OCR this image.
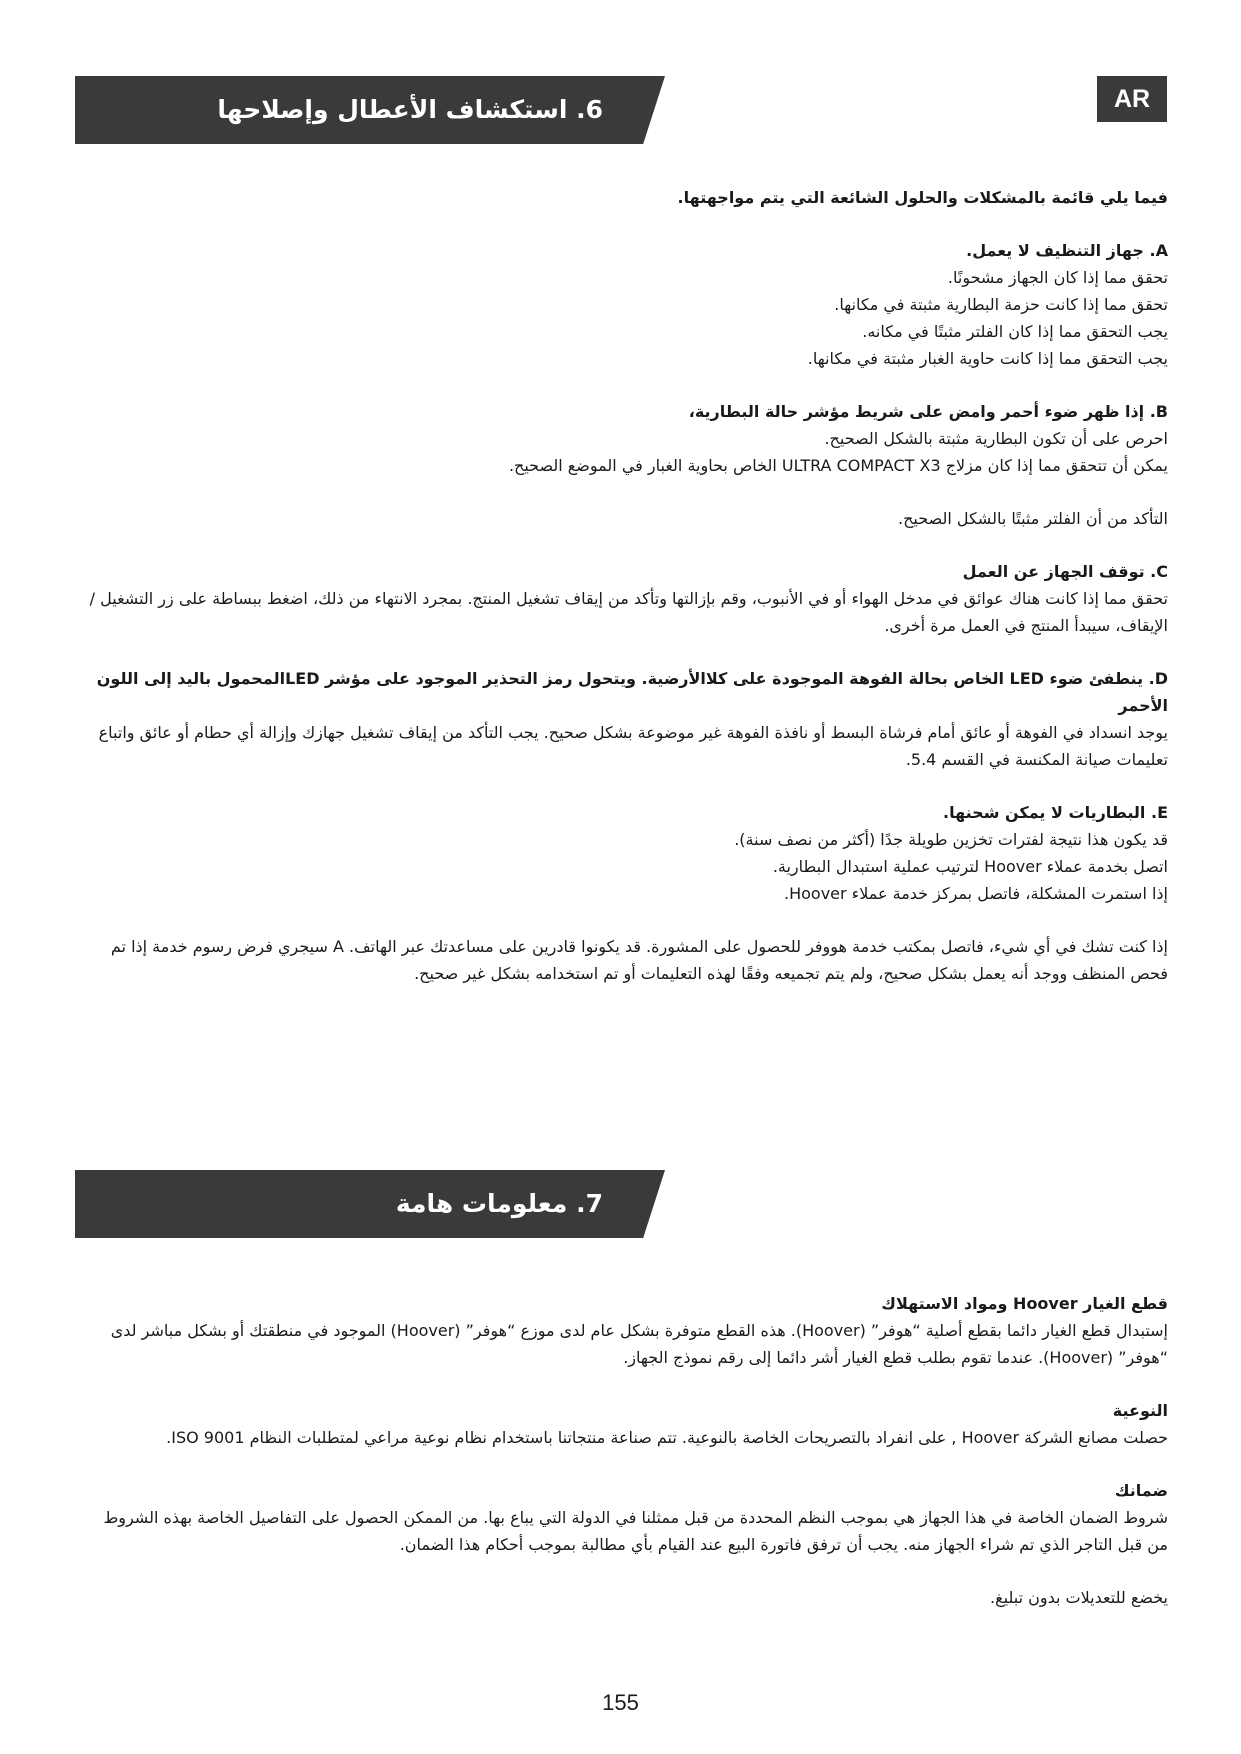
AR
6. استكشاف الأعطال وإصلاحها

فيما يلي قائمة بالمشكلات والحلول الشائعة التي يتم مواجهتها.

A. جهاز التنظيف لا يعمل.

تحقق مما إذا كان الجهاز مشحونًا.

تحقق مما إذا كانت حزمة البطارية مثبتة في مكانها.

يجب التحقق مما إذا كان الفلتر مثبتًا في مكانه.

يجب التحقق مما إذا كانت حاوية الغبار مثبتة في مكانها.

B. إذا ظهر ضوء أحمر وامض على شريط مؤشر حالة البطارية،

احرص على أن تكون البطارية مثبتة بالشكل الصحيح.

يمكن أن تتحقق مما إذا كان مزلاج ULTRA COMPACT X3 الخاص بحاوية الغبار في الموضع الصحيح.

التأكد من أن الفلتر مثبتًا بالشكل الصحيح.

C. توقف الجهاز عن العمل

تحقق مما إذا كانت هناك عوائق في مدخل الهواء أو في الأنبوب، وقم بإزالتها وتأكد من إيقاف تشغيل المنتج. بمجرد الانتهاء من ذلك، اضغط ببساطة على زر التشغيل / الإيقاف، سيبدأ المنتج في العمل مرة أخرى.

D. ينطفئ ضوء LED الخاص بحالة الفوهة الموجودة على كلاالأرضية. ويتحول رمز التحذير الموجود على مؤشر LEDالمحمول باليد إلى اللون الأحمر

يوجد انسداد في الفوهة أو عائق أمام فرشاة البسط أو نافذة الفوهة غير موضوعة بشكل صحيح. يجب التأكد من إيقاف تشغيل جهازك وإزالة أي حطام أو عائق واتباع تعليمات صيانة المكنسة في القسم 5.4.

E. البطاريات لا يمكن شحنها.

قد يكون هذا نتيجة لفترات تخزين طويلة جدًا (أكثر من نصف سنة).

اتصل بخدمة عملاء Hoover لترتيب عملية استبدال البطارية.

إذا استمرت المشكلة، فاتصل بمركز خدمة عملاء Hoover.

إذا كنت تشك في أي شيء، فاتصل بمكتب خدمة هووفر للحصول على المشورة. قد يكونوا قادرين على مساعدتك عبر الهاتف. A سيجري فرض رسوم خدمة إذا تم فحص المنظف ووجد أنه يعمل بشكل صحيح، ولم يتم تجميعه وفقًا لهذه التعليمات أو تم استخدامه بشكل غير صحيح.

7. معلومات هامة

قطع الغيار Hoover ومواد الاستهلاك

إستبدال قطع الغيار دائما بقطع أصلية “هوفر” (Hoover). هذه القطع متوفرة بشكل عام لدى موزع “هوفر” (Hoover) الموجود في منطقتك أو بشكل مباشر لدى “هوفر” (Hoover). عندما تقوم بطلب قطع الغيار أشر دائما إلى رقم نموذج الجهاز.

النوعية

حصلت مصانع الشركة Hoover , على انفراد بالتصريحات الخاصة بالنوعية. تتم صناعة منتجاتنا باستخدام نظام نوعية مراعي لمتطلبات النظام ISO 9001.

ضمانك

شروط الضمان الخاصة في هذا الجهاز هي بموجب النظم المحددة من قبل ممثلنا في الدولة التي يباع بها. من الممكن الحصول على التفاصيل الخاصة بهذه الشروط من قبل التاجر الذي تم شراء الجهاز منه. يجب أن ترفق فاتورة البيع عند القيام بأي مطالبة بموجب أحكام هذا الضمان.

يخضع للتعديلات بدون تبليغ.

155
